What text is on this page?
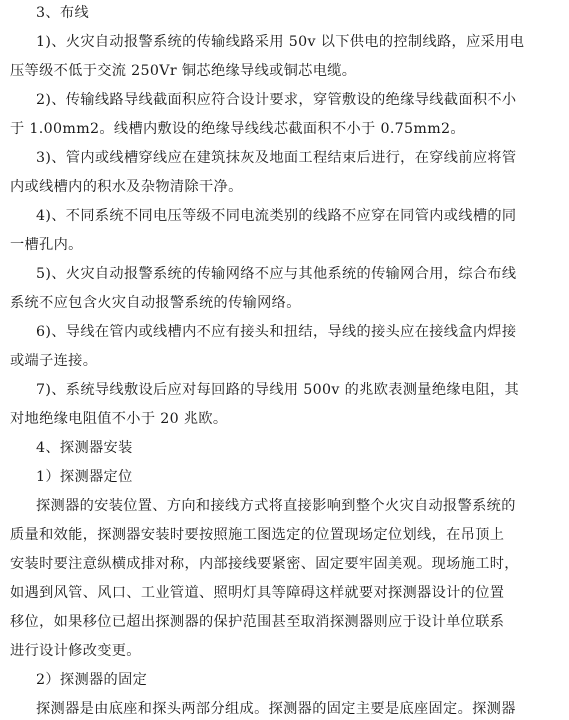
3、布线
1)、火灾自动报警系统的传输线路采用 50v 以下供电的控制线路，应采用电
压等级不低于交流 250Vr 铜芯绝缘导线或铜芯电缆。
2)、传输线路导线截面积应符合设计要求，穿管敷设的绝缘导线截面积不小
于 1.00mm2。线槽内敷设的绝缘导线线芯截面积不小于 0.75mm2。
3)、管内或线槽穿线应在建筑抹灰及地面工程结束后进行，在穿线前应将管
内或线槽内的积水及杂物清除干净。
4)、不同系统不同电压等级不同电流类别的线路不应穿在同管内或线槽的同
一槽孔内。
5)、火灾自动报警系统的传输网络不应与其他系统的传输网合用，综合布线
系统不应包含火灾自动报警系统的传输网络。
6)、导线在管内或线槽内不应有接头和扭结，导线的接头应在接线盒内焊接
或端子连接。
7)、系统导线敷设后应对每回路的导线用 500v 的兆欧表测量绝缘电阻，其
对地绝缘电阻值不小于 20 兆欧。
4、探测器安装
1）探测器定位
探测器的安装位置、方向和接线方式将直接影响到整个火灾自动报警系统的
质量和效能，探测器安装时要按照施工图选定的位置现场定位划线，在吊顶上
安装时要注意纵横成排对称，内部接线要紧密、固定要牢固美观。现场施工时，
如遇到风管、风口、工业管道、照明灯具等障碍这样就要对探测器设计的位置
移位，如果移位已超出探测器的保护范围甚至取消探测器则应于设计单位联系
进行设计修改变更。
2）探测器的固定
探测器是由底座和探头两部分组成。探测器的固定主要是底座固定。探测器
